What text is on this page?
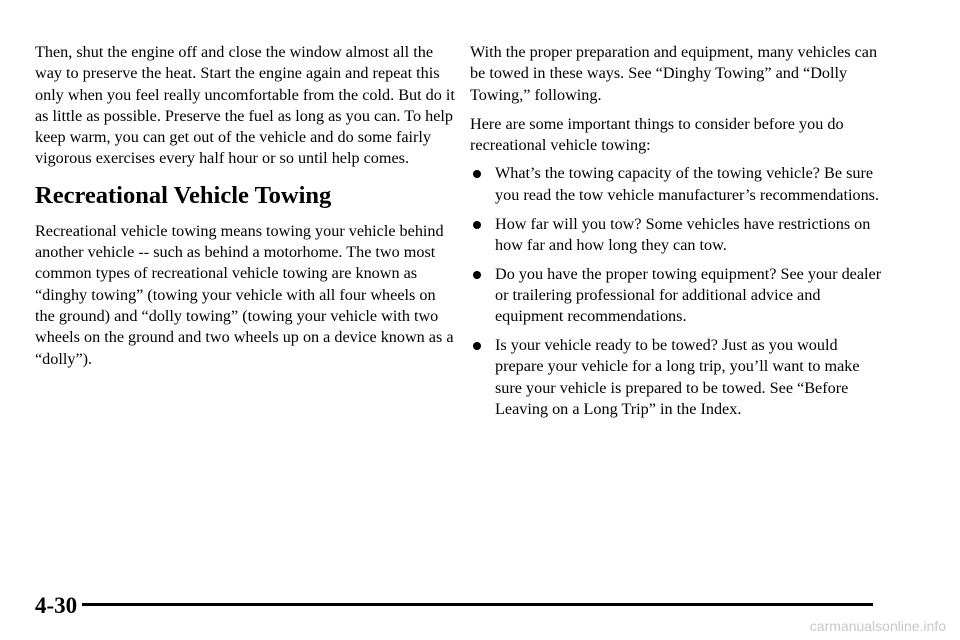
Then, shut the engine off and close the window almost all the way to preserve the heat. Start the engine again and repeat this only when you feel really uncomfortable from the cold. But do it as little as possible. Preserve the fuel as long as you can. To help keep warm, you can get out of the vehicle and do some fairly vigorous exercises every half hour or so until help comes.

Recreational Vehicle Towing

Recreational vehicle towing means towing your vehicle behind another vehicle -- such as behind a motorhome. The two most common types of recreational vehicle towing are known as “dinghy towing” (towing your vehicle with all four wheels on the ground) and “dolly towing” (towing your vehicle with two wheels on the ground and two wheels up on a device known as a “dolly”).

With the proper preparation and equipment, many vehicles can be towed in these ways. See “Dinghy Towing” and “Dolly Towing,” following.

Here are some important things to consider before you do recreational vehicle towing:

What’s the towing capacity of the towing vehicle? Be sure you read the tow vehicle manufacturer’s recommendations.
How far will you tow? Some vehicles have restrictions on how far and how long they can tow.
Do you have the proper towing equipment? See your dealer or trailering professional for additional advice and equipment recommendations.
Is your vehicle ready to be towed? Just as you would prepare your vehicle for a long trip, you’ll want to make sure your vehicle is prepared to be towed. See “Before Leaving on a Long Trip” in the Index.
4-30
carmanualsonline.info
